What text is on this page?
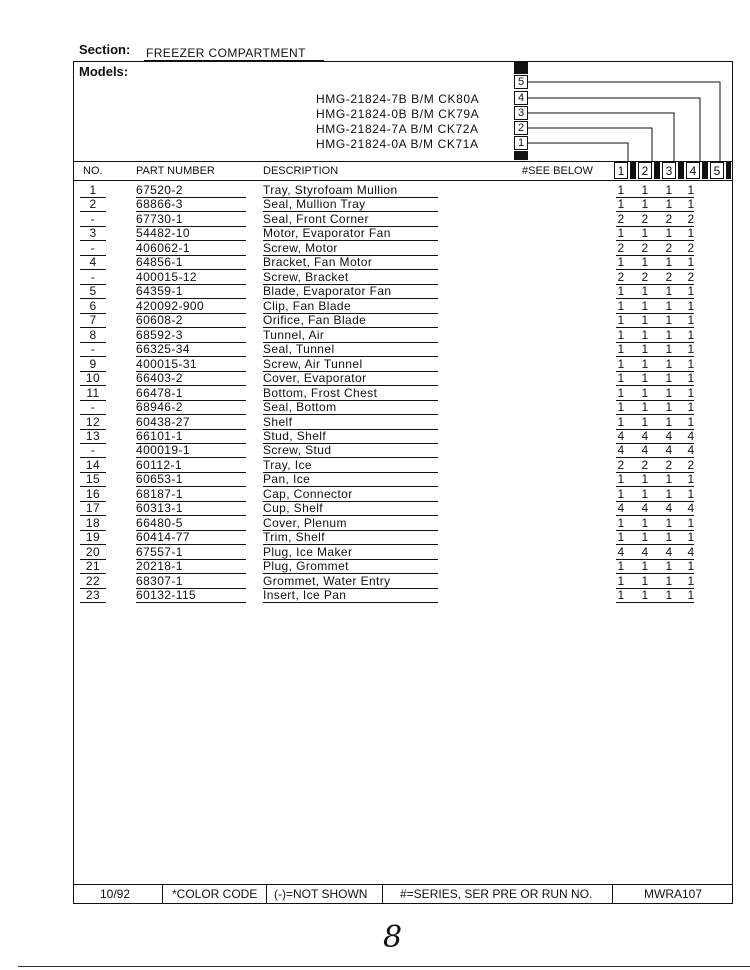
Section: FREEZER COMPARTMENT
Models:
HMG-21824-7B B/M CK80A
HMG-21824-0B B/M CK79A
HMG-21824-7A B/M CK72A
HMG-21824-0A B/M CK71A
5
4
3
2
1
NO.	PART NUMBER	DESCRIPTION	#SEE BELOW	1	2	3	4	5
1	67520-2	Tray, Styrofoam Mullion	1 1 1 1
2	68866-3	Seal, Mullion Tray	1 1 1 1
-	67730-1	Seal, Front Corner	2 2 2 2
3	54482-10	Motor, Evaporator Fan	1 1 1 1
-	406062-1	Screw, Motor	2 2 2 2
4	64856-1	Bracket, Fan Motor	1 1 1 1
-	400015-12	Screw, Bracket	2 2 2 2
5	64359-1	Blade, Evaporator Fan	1 1 1 1
6	420092-900	Clip, Fan Blade	1 1 1 1
7	60608-2	Orifice, Fan Blade	1 1 1 1
8	68592-3	Tunnel, Air	1 1 1 1
-	66325-34	Seal, Tunnel	1 1 1 1
9	400015-31	Screw, Air Tunnel	1 1 1 1
10	66403-2	Cover, Evaporator	1 1 1 1
11	66478-1	Bottom, Frost Chest	1 1 1 1
-	68946-2	Seal, Bottom	1 1 1 1
12	60438-27	Shelf	1 1 1 1
13	66101-1	Stud, Shelf	4 4 4 4
-	400019-1	Screw, Stud	4 4 4 4
14	60112-1	Tray, Ice	2 2 2 2
15	60653-1	Pan, Ice	1 1 1 1
16	68187-1	Cap, Connector	1 1 1 1
17	60313-1	Cup, Shelf	4 4 4 4
18	66480-5	Cover, Plenum	1 1 1 1
19	60414-77	Trim, Shelf	1 1 1 1
20	67557-1	Plug, Ice Maker	4 4 4 4
21	20218-1	Plug, Grommet	1 1 1 1
22	68307-1	Grommet, Water Entry	1 1 1 1
23	60132-115	Insert, Ice Pan	1 1 1 1
10/92	*COLOR CODE (-)=NOT SHOWN	#=SERIES, SER PRE OR RUN NO.	MWRA107
8
